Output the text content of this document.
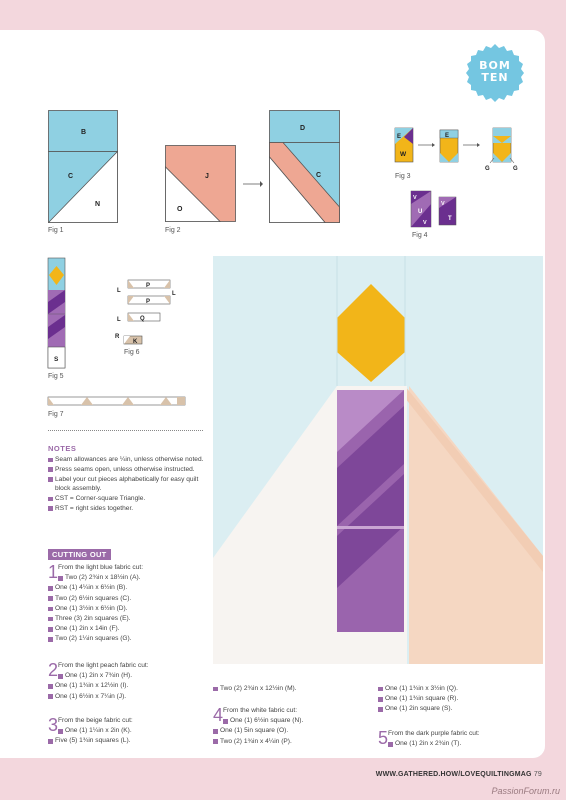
BOM
TEN
B
C
N
Fig 1
J
O
Fig 2
D
C
E
W
E
G	G
Fig 3
V
U
V
V
T
Fig 4
S
Fig 5
P
L	L
P
L	Q
R
K
Fig 6
Fig 7
NOTES
Seam allowances are ¼in, unless otherwise noted.
Press seams open, unless otherwise instructed.
Label your cut pieces alphabetically for easy quilt block assembly.
CST = Corner-square Triangle.
RST = right sides together.
CUTTING OUT
1 From the light blue fabric cut:
Two (2) 2¾in x 18½in (A).
One (1) 4¼in x 6½in (B).
Two (2) 6½in squares (C).
One (1) 3½in x 6½in (D).
Three (3) 2in squares (E).
One (1) 2in x 14in (F).
Two (2) 1¼in squares (G).
2 From the light peach fabric cut:
One (1) 2in x 7¾in (H).
One (1) 1¾in x 12½in (I).
One (1) 6½in x 7¼in (J).
3 From the beige fabric cut:
One (1) 1¼in x 2in (K).
Five (5) 1¾in squares (L).
Two (2) 2¾in x 12½in (M).
4 From the white fabric cut:
One (1) 6½in square (N).
One (1) 5in square (O).
Two (2) 1¾in x 4¼in (P).
One (1) 1¾in x 3½in (Q).
One (1) 1¾in square (R).
One (1) 2in square (S).
5 From the dark purple fabric cut:
One (1) 2in x 2¾in (T).
WWW.GATHERED.HOW/LOVEQUILTINGMAG 79
PassionForum.ru
